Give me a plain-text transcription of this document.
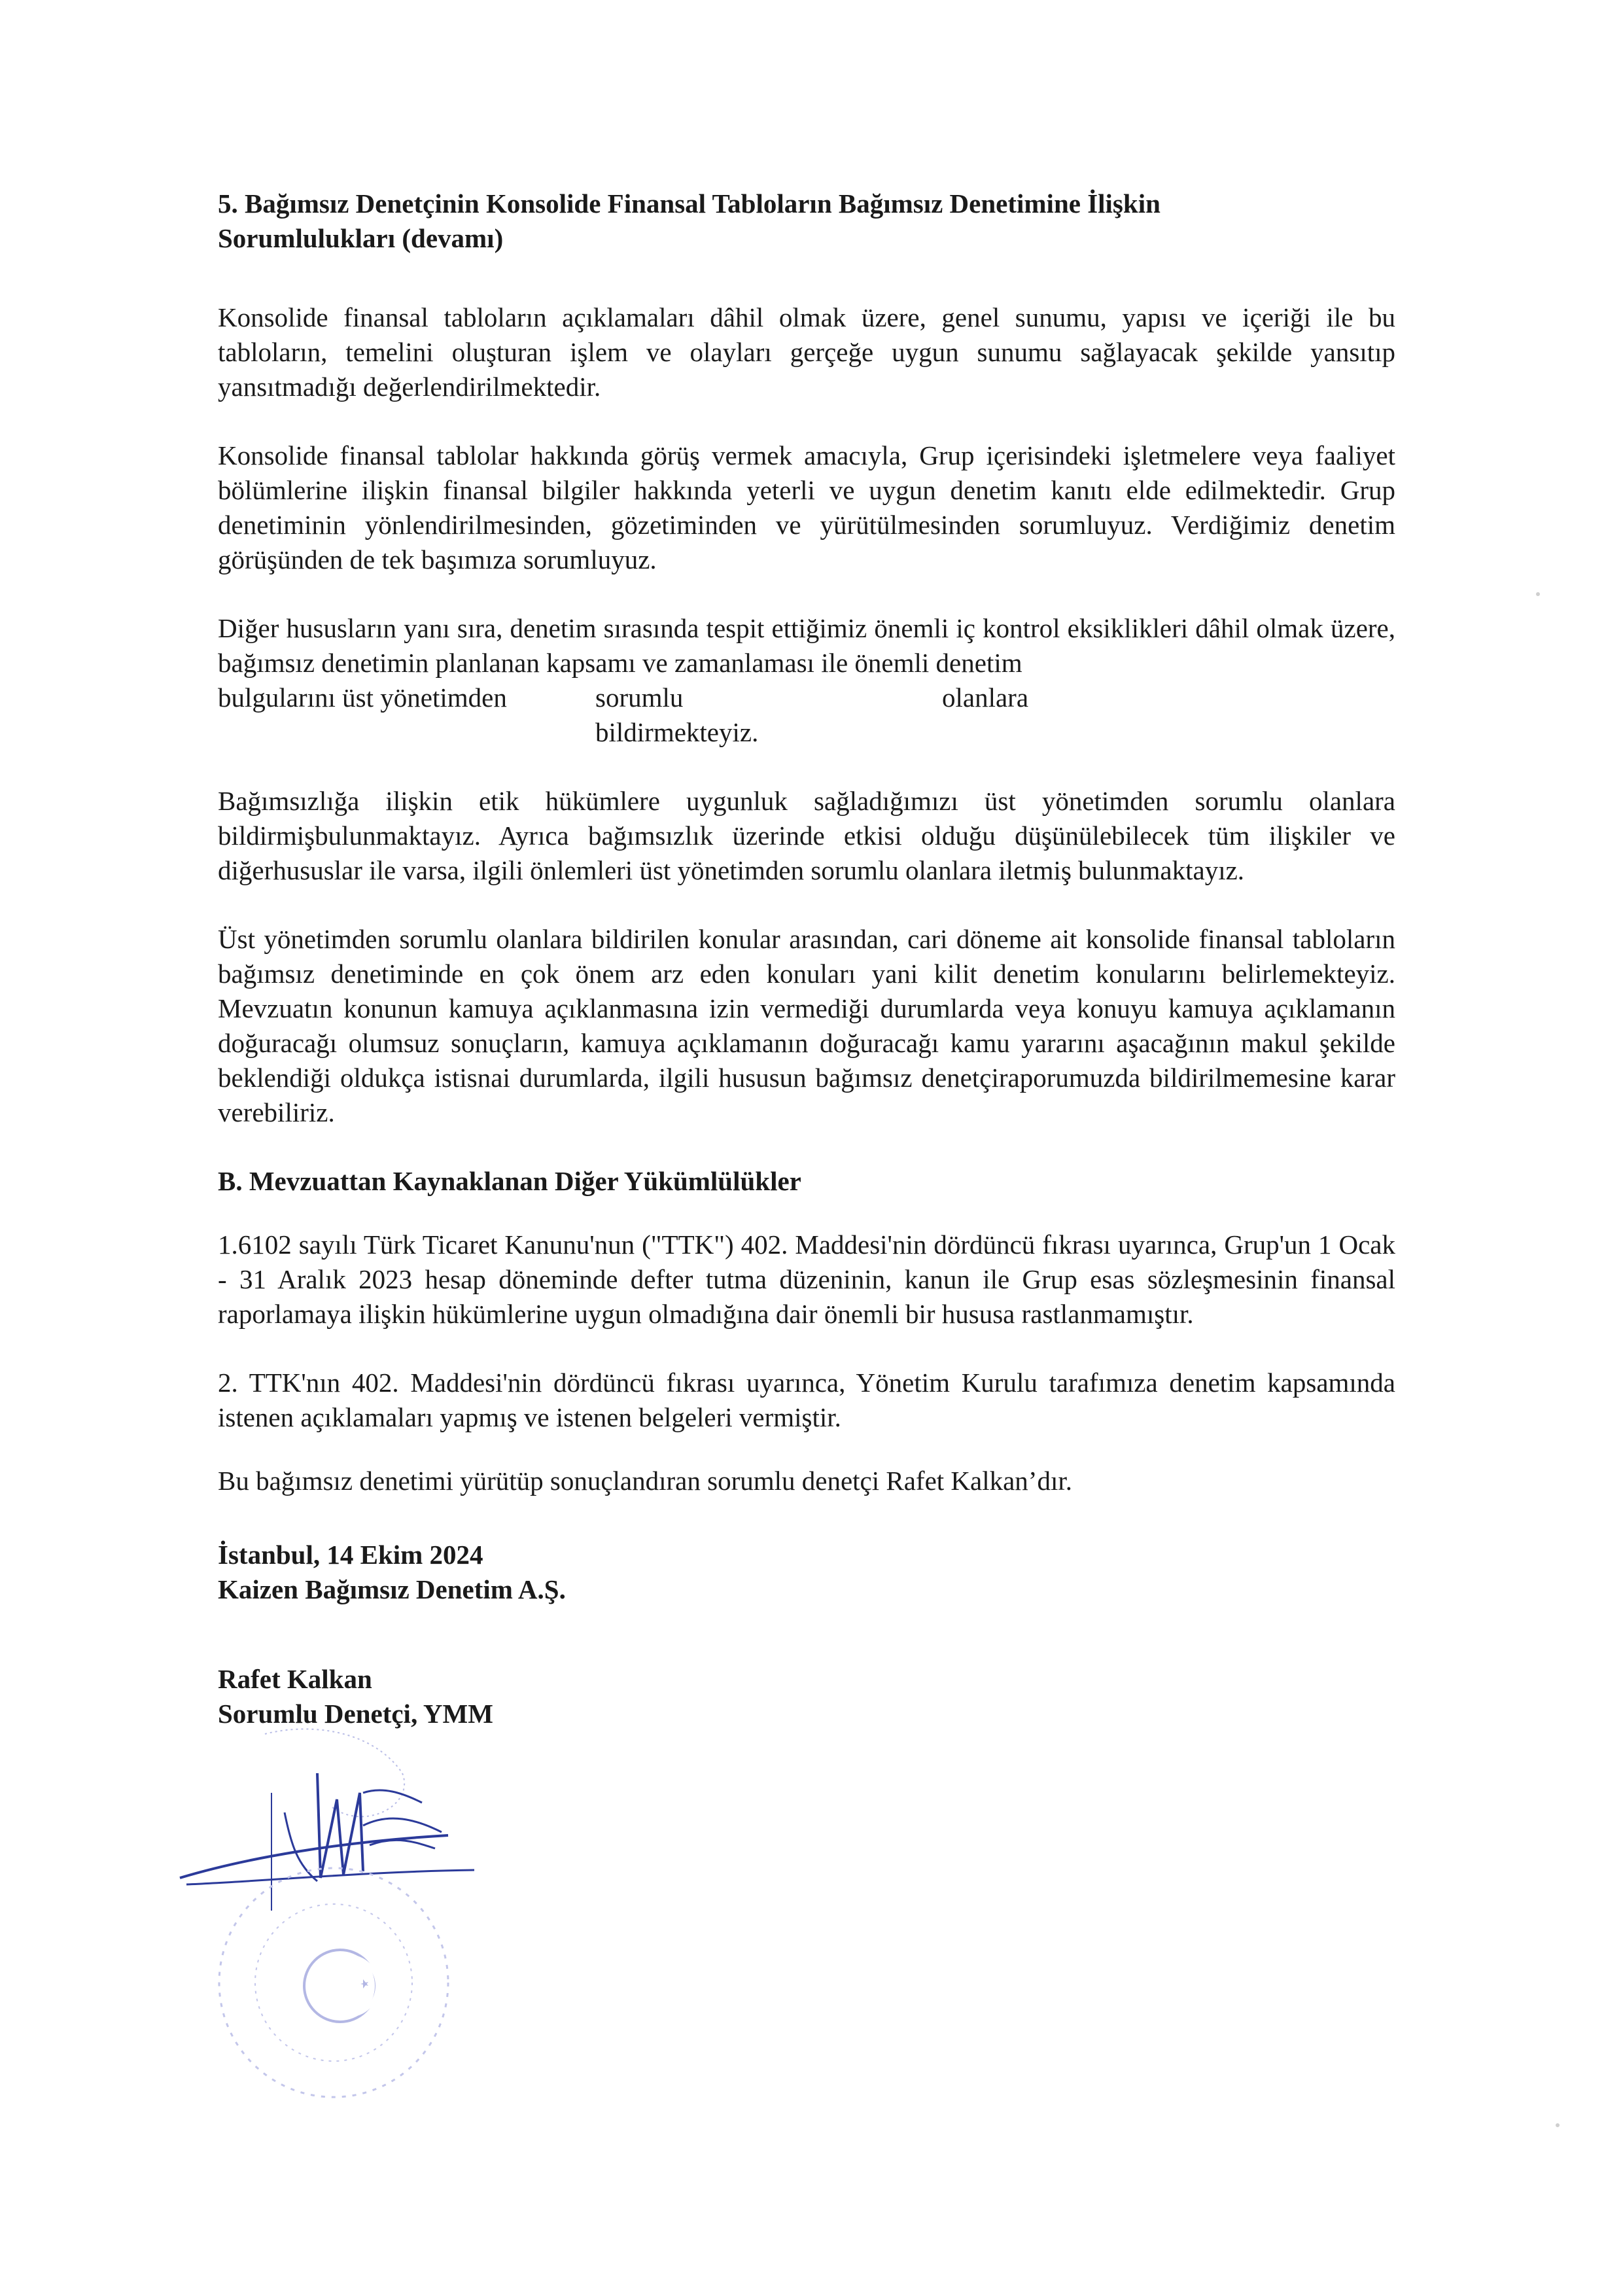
5. Bağımsız Denetçinin Konsolide Finansal Tabloların Bağımsız Denetimine İlişkin
Sorumlulukları (devamı)

Konsolide finansal tabloların açıklamaları dâhil olmak üzere, genel sunumu, yapısı ve içeriği ile bu tabloların, temelini oluşturan işlem ve olayları gerçeğe uygun sunumu sağlayacak şekilde yansıtıp yansıtmadığı değerlendirilmektedir.

Konsolide finansal tablolar hakkında görüş vermek amacıyla, Grup içerisindeki işletmelere veya faaliyet bölümlerine ilişkin finansal bilgiler hakkında yeterli ve uygun denetim kanıtı elde edilmektedir. Grup denetiminin yönlendirilmesinden, gözetiminden ve yürütülmesinden sorumluyuz. Verdiğimiz denetim görüşünden de tek başımıza sorumluyuz.

Diğer hususların yanı sıra, denetim sırasında tespit ettiğimiz önemli iç kontrol eksiklikleri dâhil olmak üzere, bağımsız denetimin planlanan kapsamı ve zamanlaması ile önemli denetim
bulgularını üst yönetimden	sorumlu	olanlara
bildirmekteyiz.

Bağımsızlığa ilişkin etik hükümlere uygunluk sağladığımızı üst yönetimden sorumlu olanlara bildirmişbulunmaktayız. Ayrıca bağımsızlık üzerinde etkisi olduğu düşünülebilecek tüm ilişkiler ve diğerhususlar ile varsa, ilgili önlemleri üst yönetimden sorumlu olanlara iletmiş bulunmaktayız.

Üst yönetimden sorumlu olanlara bildirilen konular arasından, cari döneme ait konsolide finansal tabloların bağımsız denetiminde en çok önem arz eden konuları yani kilit denetim konularını belirlemekteyiz. Mevzuatın konunun kamuya açıklanmasına izin vermediği durumlarda veya konuyu kamuya açıklamanın doğuracağı olumsuz sonuçların, kamuya açıklamanın doğuracağı kamu yararını aşacağının makul şekilde beklendiği oldukça istisnai durumlarda, ilgili hususun bağımsız denetçiraporumuzda bildirilmemesine karar verebiliriz.

B. Mevzuattan Kaynaklanan Diğer Yükümlülükler

1.6102 sayılı Türk Ticaret Kanunu'nun ("TTK") 402. Maddesi'nin dördüncü fıkrası uyarınca, Grup'un 1 Ocak - 31 Aralık 2023 hesap döneminde defter tutma düzeninin, kanun ile Grup esas sözleşmesinin finansal raporlamaya ilişkin hükümlerine uygun olmadığına dair önemli bir hususa rastlanmamıştır.

2. TTK'nın 402. Maddesi'nin dördüncü fıkrası uyarınca, Yönetim Kurulu tarafımıza denetim kapsamında istenen açıklamaları yapmış ve istenen belgeleri vermiştir.

Bu bağımsız denetimi yürütüp sonuçlandıran sorumlu denetçi Rafet Kalkan’dır.

İstanbul, 14 Ekim 2024
Kaizen Bağımsız Denetim A.Ş.
Rafet Kalkan
Sorumlu Denetçi, YMM
